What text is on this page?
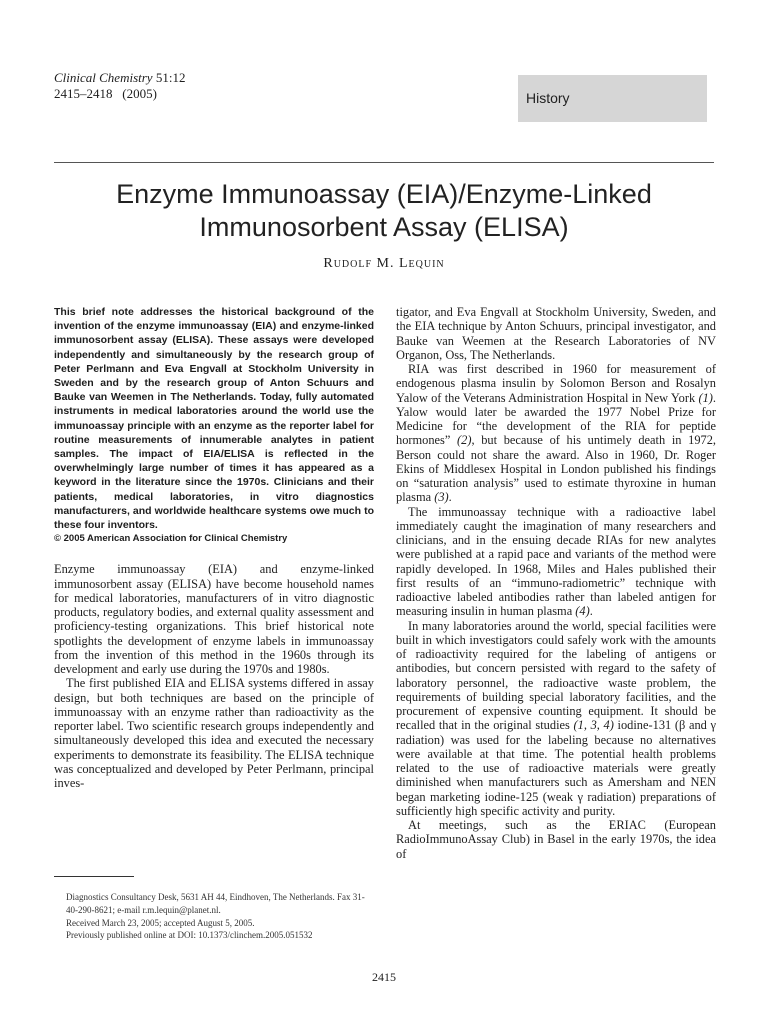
Clinical Chemistry 51:12
2415–2418 (2005)	History
Enzyme Immunoassay (EIA)/Enzyme-Linked
Immunosorbent Assay (ELISA)
Rudolf M. Lequin

This brief note addresses the historical background of the invention of the enzyme immunoassay (EIA) and enzyme-linked immunosorbent assay (ELISA). These assays were developed independently and simultaneously by the research group of Peter Perlmann and Eva Engvall at Stockholm University in Sweden and by the research group of Anton Schuurs and Bauke van Weemen in The Netherlands. Today, fully automated instruments in medical laboratories around the world use the immunoassay principle with an enzyme as the reporter label for routine measurements of innumerable analytes in patient samples. The impact of EIA/ELISA is reflected in the overwhelmingly large number of times it has appeared as a keyword in the literature since the 1970s. Clinicians and their patients, medical laboratories, in vitro diagnostics manufacturers, and worldwide healthcare systems owe much to these four inventors.

© 2005 American Association for Clinical Chemistry

Enzyme immunoassay (EIA) and enzyme-linked immunosorbent assay (ELISA) have become household names for medical laboratories, manufacturers of in vitro diagnostic products, regulatory bodies, and external quality assessment and proficiency-testing organizations. This brief historical note spotlights the development of enzyme labels in immunoassay from the invention of this method in the 1960s through its development and early use during the 1970s and 1980s.

The first published EIA and ELISA systems differed in assay design, but both techniques are based on the principle of immunoassay with an enzyme rather than radioactivity as the reporter label. Two scientific research groups independently and simultaneously developed this idea and executed the necessary experiments to demonstrate its feasibility. The ELISA technique was conceptualized and developed by Peter Perlmann, principal inves-

Diagnostics Consultancy Desk, 5631 AH 44, Eindhoven, The Netherlands. Fax 31-40-290-8621; e-mail r.m.lequin@planet.nl.

Received March 23, 2005; accepted August 5, 2005.

Previously published online at DOI: 10.1373/clinchem.2005.051532

tigator, and Eva Engvall at Stockholm University, Sweden, and the EIA technique by Anton Schuurs, principal investigator, and Bauke van Weemen at the Research Laboratories of NV Organon, Oss, The Netherlands.

RIA was first described in 1960 for measurement of endogenous plasma insulin by Solomon Berson and Rosalyn Yalow of the Veterans Administration Hospital in New York (1). Yalow would later be awarded the 1977 Nobel Prize for Medicine for “the development of the RIA for peptide hormones” (2), but because of his untimely death in 1972, Berson could not share the award. Also in 1960, Dr. Roger Ekins of Middlesex Hospital in London published his findings on “saturation analysis” used to estimate thyroxine in human plasma (3).

The immunoassay technique with a radioactive label immediately caught the imagination of many researchers and clinicians, and in the ensuing decade RIAs for new analytes were published at a rapid pace and variants of the method were rapidly developed. In 1968, Miles and Hales published their first results of an “immuno-radiometric” technique with radioactive labeled antibodies rather than labeled antigen for measuring insulin in human plasma (4).

In many laboratories around the world, special facilities were built in which investigators could safely work with the amounts of radioactivity required for the labeling of antigens or antibodies, but concern persisted with regard to the safety of laboratory personnel, the radioactive waste problem, the requirements of building special laboratory facilities, and the procurement of expensive counting equipment. It should be recalled that in the original studies (1, 3, 4) iodine-131 (β and γ radiation) was used for the labeling because no alternatives were available at that time. The potential health problems related to the use of radioactive materials were greatly diminished when manufacturers such as Amersham and NEN began marketing iodine-125 (weak γ radiation) preparations of sufficiently high specific activity and purity.

At meetings, such as the ERIAC (European RadioImmunoAssay Club) in Basel in the early 1970s, the idea of

2415
